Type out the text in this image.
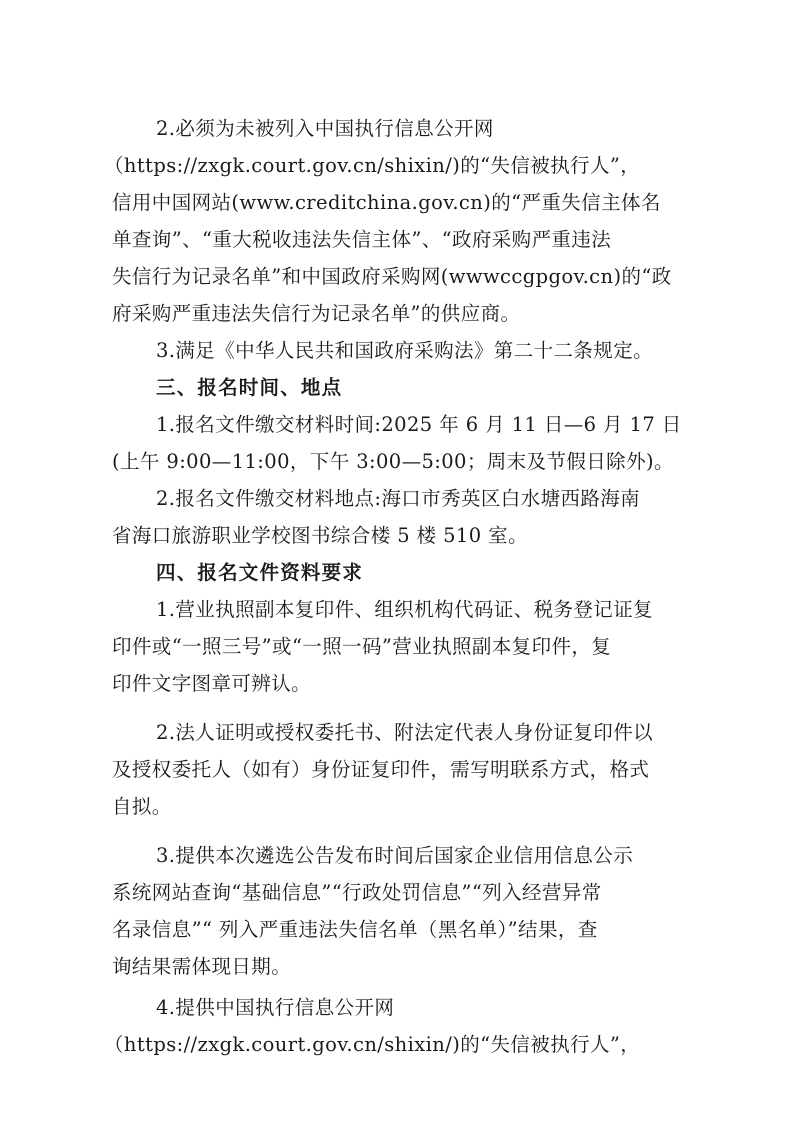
2.必须为未被列入中国执行信息公开网
（https://zxgk.court.gov.cn/shixin/)的“失信被执行人”，
信用中国网站(www.creditchina.gov.cn)的“严重失信主体名
单查询”、“重大税收违法失信主体”、“政府采购严重违法
失信行为记录名单”和中国政府采购网(wwwccgpgov.cn)的“政
府采购严重违法失信行为记录名单”的供应商。
3.满足《中华人民共和国政府采购法》第二十二条规定。
三、报名时间、地点
1.报名文件缴交材料时间:2025 年 6 月 11 日—6 月 17 日
(上午 9:00—11:00，下午 3:00—5:00；周末及节假日除外)。
2.报名文件缴交材料地点:海口市秀英区白水塘西路海南
省海口旅游职业学校图书综合楼 5 楼 510 室。
四、报名文件资料要求
1.营业执照副本复印件、组织机构代码证、税务登记证复
印件或“一照三号”或“一照一码”营业执照副本复印件，复
印件文字图章可辨认。
2.法人证明或授权委托书、附法定代表人身份证复印件以
及授权委托人（如有）身份证复印件，需写明联系方式，格式
自拟。
3.提供本次遴选公告发布时间后国家企业信用信息公示
系统网站查询“基础信息”“行政处罚信息”“列入经营异常
名录信息”“ 列入严重违法失信名单（黑名单）”结果，查
询结果需体现日期。
4.提供中国执行信息公开网
（https://zxgk.court.gov.cn/shixin/)的“失信被执行人”，
